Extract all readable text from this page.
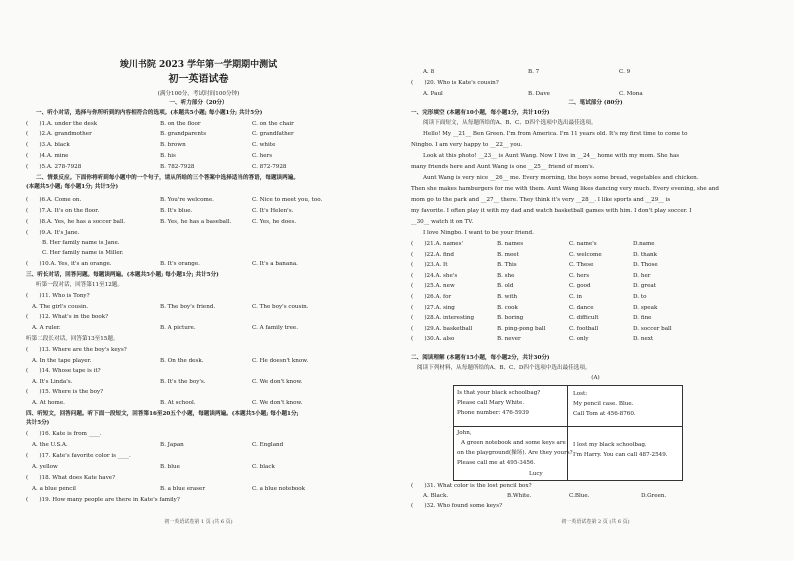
竣川书院 2023 学年第一学期期中测试
初一英语试卷
(满分100分，考试时间100分钟)
一、听力部分（20分）
一、听小对话，选择与你所听到的内容相符合的选项。(本题共5小题; 每小题1分; 共计5分)
(　　)1.A. under the desk	B. on the floor	C. on the chair
(　　)2.A. grandmother	B. grandparents	C. grandfather
(　　)3.A. black	B. brown	C. white
(　　)4.A. mine	B. his	C. hers
(　　)5.A. 278-7928	B. 782-7928	C. 872-7928
二、情景反应。下面你将听到每小题中的一个句子，请从所给的三个答案中选择适当的答语，每题读两遍。
(本题共5小题; 每小题1分; 共计5分)
(　　)6.A. Come on.	B. You're welcome.	C. Nice to meet you, too.
(　　)7.A. It's on the floor.	B. It's blue.	C. It's Helen's.
(　　)8.A. Yes, he has a soccer ball.	B. Yes, he has a baseball.	C. Yes, he does.
(　　)9.A. It's Jane.
B. Her family name is Jane.
C. Her family name is Miller.
(　　)10.A. Yes, it's an orange.	B. It's orange.	C. It's a banana.
三、听长对话，回答问题。每题读两遍。(本题共5小题; 每小题1分; 共计5分)
听第一段对话，回答第11至12题。
(　　)11. Who is Tony?
A. The girl's cousin.	B. The boy's friend.	C. The boy's cousin.
(　　)12. What's in the book?
A. A ruler.	B. A picture.	C. A family tree.
听第二段长对话，回答第13至15题。
(　　)13. Where are the boy's keys?
A. In the tape player.	B. On the desk.	C. He doesn't know.
(　　)14. Whose tape is it?
A. It's Linda's.	B. It's the boy's.	C. We don't know.
(　　)15. Where is the boy?
A. At home.	B. At school.	C. We don't know.
四、听短文，回答问题。听下面一段短文，回答第16至20五个小题，每题读两遍。(本题共5小题; 每小题1分;
共计5分)
(　　)16. Kate is from ____.
A. the U.S.A.	B. Japan	C. England
(　　)17. Kate's favorite color is ____.
A. yellow	B. blue	C. black
(　　)18. What does Kate have?
A. a blue pencil	B. a blue eraser	C. a blue notebook
(　　)19. How many people are there in Kate's family?
初一英语试卷第 1 页 (共 6 页)
A. 8	B. 7	C. 9
(　　)20. Who is Kate's cousin?
A. Paul	B. Dave	C. Mona
二、笔试部分 (80分)
一、完形填空 (本题有10小题，每小题1分，共计10分)
阅读下面短文，从每题所给的A、B、C、D四个选项中选出最佳选项。
Hello! My __21__ Ben Green. I'm from America. I'm 11 years old. It's my first time to come to
Ningbo. I am very happy to __22__ you.
Look at this photo! __23__ is Aunt Wang. Now I live in __24__ home with my mom. She has
many friends here and Aunt Wang is one __25__ friend of mom's.
Aunt Wang is very nice __26__ me. Every morning, the boys some bread, vegetables and chicken.
Then she makes hamburgers for me with them. Aunt Wang likes dancing very much. Every evening, she and
mom go to the park and __27__ there. They think it's very __28__. I like sports and __29__ is
my favorite. I often play it with my dad and watch basketball games with him. I don't play soccer. I
__30__ watch it on TV.
I love Ningbo. I want to be your friend.
(　　)21.A. names'	B. names	C. name's	D.name
(　　)22.A. find	B. meet	C. welcome	D. thank
(　　)23.A. It	B. This	C. These	D. Those
(　　)24.A. she's	B. she	C. hers	D. her
(　　)25.A. new	B. old	C. good	D. great
(　　)26.A. for	B. with	C. in	D. to
(　　)27.A. sing	B. cook	C. dance	D. speak
(　　)28.A. interesting	B. boring	C. difficult	D. fine
(　　)29.A. basketball	B. ping-pong ball	C. football	D. soccer ball
(　　)30.A. also	B. never	C. only	D. next
二、阅读理解 (本题有15小题，每小题2分，共计30分)
阅读下列材料，从每题所给的A、B、C、D四个选项中选出最佳选项。
(A)
Is that your black schoolbag?
Please call Mary White.
Phone number: 476-5939
Lost:
My pencil case. Blue.
Call Tom at 456-8760.
John,
A green notebook and some keys are
on the playground(操场). Are they yours?
Please call me at 495-3456.
Lucy
I lost my black schoolbag.
I'm Harry. You can call 487-2549.
(　　)31. What color is the lost pencil box?
A. Black.	B.White.	C.Blue.	D.Green.
(　　)32. Who found some keys?
初一英语试卷第 2 页 (共 6 页)
